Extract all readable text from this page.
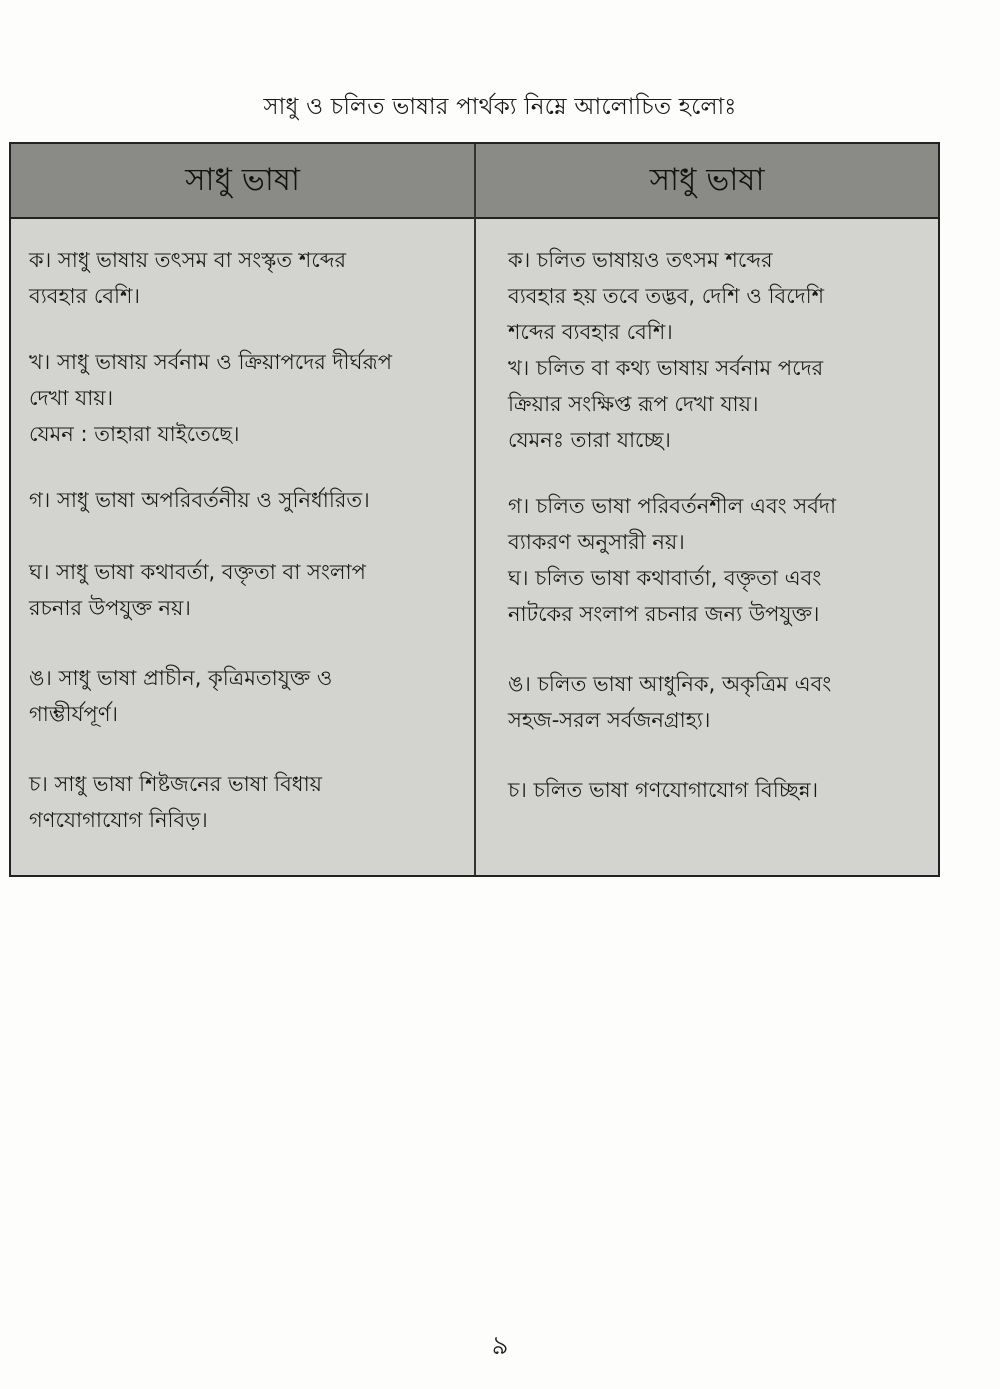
সাধু ও চলিত ভাষার পার্থক্য নিম্নে আলোচিত হলোঃ
সাধু ভাষা	সাধু ভাষা

ক। সাধু ভাষায় তৎসম বা সংস্কৃত শব্দের
ব্যবহার বেশি।

খ। সাধু ভাষায় সর্বনাম ও ক্রিয়াপদের দীর্ঘরূপ
দেখা যায়।
যেমন : তাহারা যাইতেছে।

গ। সাধু ভাষা অপরিবর্তনীয় ও সুনির্ধারিত।

ঘ। সাধু ভাষা কথাবর্তা, বক্তৃতা বা সংলাপ
রচনার উপযুক্ত নয়।

ঙ। সাধু ভাষা প্রাচীন, কৃত্রিমতাযুক্ত ও
গাম্ভীর্যপূর্ণ।

চ। সাধু ভাষা শিষ্টজনের ভাষা বিধায়
গণযোগাযোগ নিবিড়।

ক। চলিত ভাষায়ও তৎসম শব্দের
ব্যবহার হয় তবে তদ্ভব, দেশি ও বিদেশি
শব্দের ব্যবহার বেশি।

খ। চলিত বা কথ্য ভাষায় সর্বনাম পদের
ক্রিয়ার সংক্ষিপ্ত রূপ দেখা যায়।
যেমনঃ তারা যাচ্ছে।

গ। চলিত ভাষা পরিবর্তনশীল এবং সর্বদা
ব্যাকরণ অনুসারী নয়।

ঘ। চলিত ভাষা কথাবার্তা, বক্তৃতা এবং
নাটকের সংলাপ রচনার জন্য উপযুক্ত।

ঙ। চলিত ভাষা আধুনিক, অকৃত্রিম এবং
সহজ-সরল সর্বজনগ্রাহ্য।

চ। চলিত ভাষা গণযোগাযোগ বিচ্ছিন্ন।

৯
